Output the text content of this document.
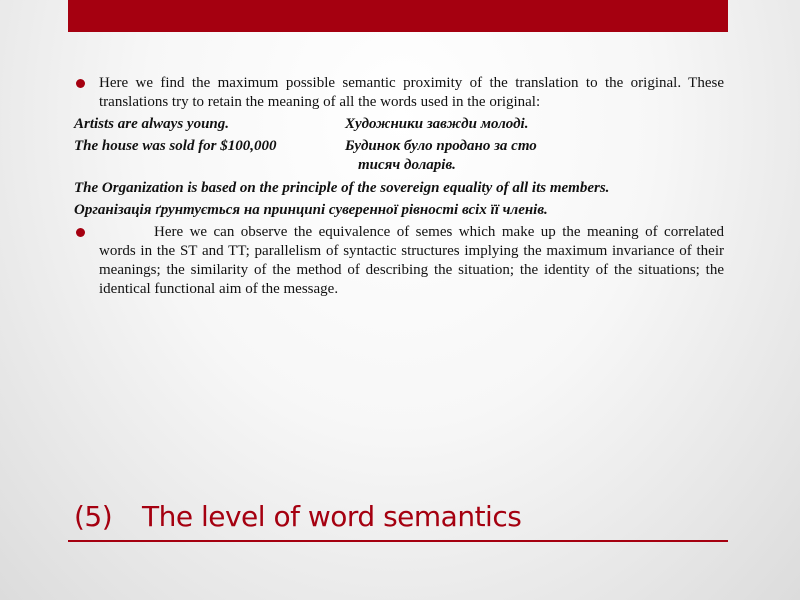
Here we find the maximum possible semantic proximity of the translation to the original. These translations try to retain the meaning of all the words used in the original:
Artists are always young.	Художники завжди молоді.
The house was sold for $100,000	Будинок було продано за сто
тисяч доларів.
The Organization is based on the principle of the sovereign equality of all its members.
Організація ґрунтується на принципі суверенної рівності всіх її членів.
Here we can observe the equivalence of semes which make up the meaning of correlated words in the ST and TT; parallelism of syntactic structures implying the maximum invariance of their meanings; the similarity of the method of describing the situation; the identity of the situations; the identical functional aim of the message.
(5) The level of word semantics
